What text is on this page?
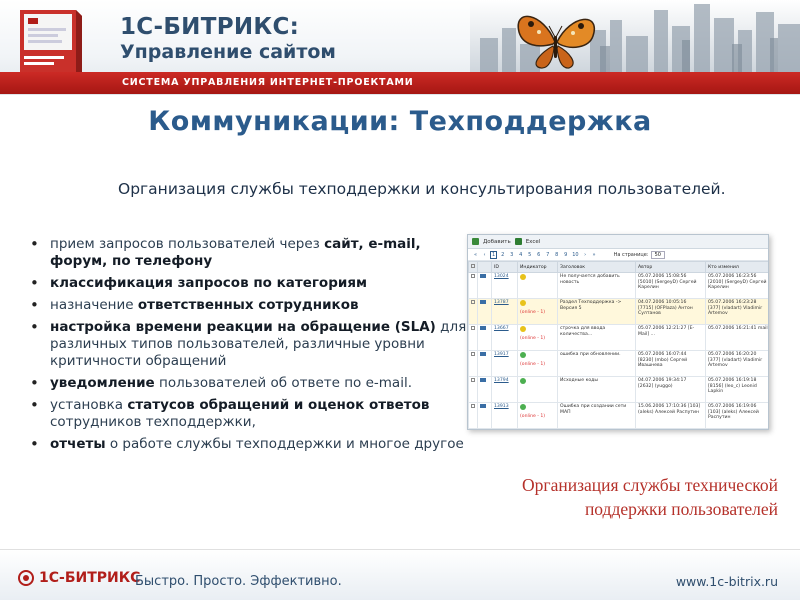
1С-БИТРИКС:
Управление сайтом
СИСТЕМА УПРАВЛЕНИЯ ИНТЕРНЕТ-ПРОЕКТАМИ
Коммуникации: Техподдержка
Организация службы техподдержки и консультирования пользователей.
• прием запросов пользователей через сайт, e-mail, форум, по телефону
• классификация запросов по категориям
• назначение ответственных сотрудников
• настройка времени реакции на обращение (SLA) для различных типов пользователей, различные уровни критичности обращений
• уведомление пользователей об ответе по e-mail.
• установка статусов обращений и оценок ответов сотрудников техподдержки,
• отчеты о работе службы техподдержки и многое другое
Добавить	Excel
«	‹	1	2	3	4	5	6	7	8	9 10	›	»	На странице:	50
		ID	Индикатор	Заголовок	Автор	Кто изменил
		13024		Не получается добавить новость	05.07.2006 15:08:56 [5010] (SergeyD) Сергей Карелин	05.07.2006 16:23:56 [2010] (SergeyD) Сергей Карелин
		13787	(online - 1)	Раздел Техподдержка -> Версия 5	04.07.2006 10:05:16 [7715] (OFPlaza) Антон Султанов	05.07.2006 16:23:28 [377] (vladart) Vladimir Artemov
		13667	(online - 1)	строчка для ввода количества...	05.07.2006 12:21:27 [E-Mail] ...	05.07.2006 16:21:41 mail
		13917	(online - 1)	ошибка при обновлении.	05.07.2006 16:07:44 [8230] (mbo) Сергей Ивашнева	05.07.2006 16:20:20 [377] (vladart) Vladimir Artemov
		13794		Исходные коды	04.07.2006 19:34:17 [2632] (yuggo)	05.07.2006 16:19:18 [8156] (leo_c) Leonid Lapkin
		13913	(online - 1)	Ошибка при создании сети МАП	15.06.2006 17:10:36 [103] (aleks) Алексей Распутин	05.07.2006 16:19:06 [103] (aleks) Алексей Распутин
Организация службы технической
поддержки пользователей
1С-БИТРИКС
Быстро. Просто. Эффективно.	www.1c-bitrix.ru
